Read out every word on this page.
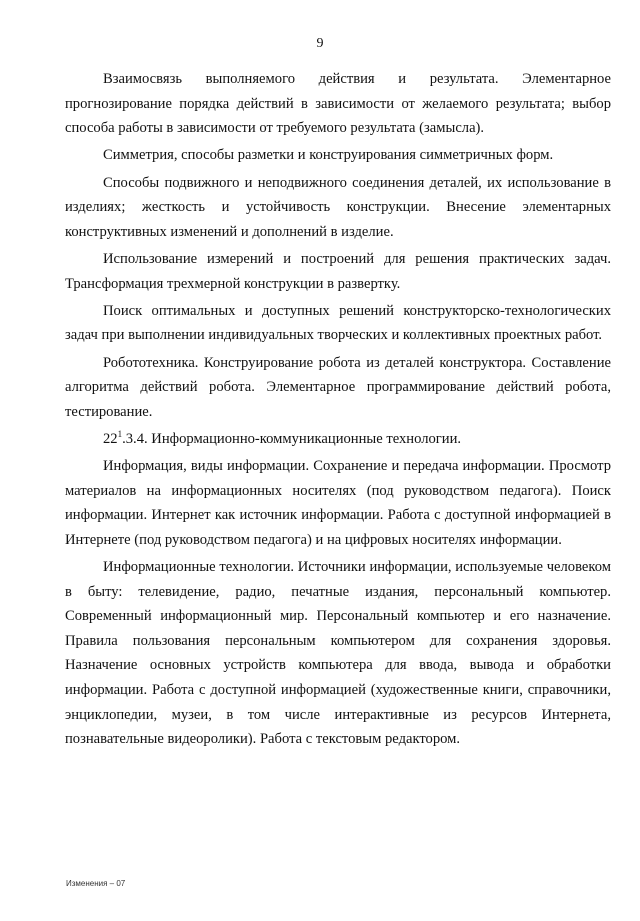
9

Взаимосвязь выполняемого действия и результата. Элементарное прогнозирование порядка действий в зависимости от желаемого результата; выбор способа работы в зависимости от требуемого результата (замысла).

Симметрия, способы разметки и конструирования симметричных форм.

Способы подвижного и неподвижного соединения деталей, их использование в изделиях; жесткость и устойчивость конструкции. Внесение элементарных конструктивных изменений и дополнений в изделие.

Использование измерений и построений для решения практических задач. Трансформация трехмерной конструкции в развертку.

Поиск оптимальных и доступных решений конструкторско-технологических задач при выполнении индивидуальных творческих и коллективных проектных работ.

Робототехника. Конструирование робота из деталей конструктора. Составление алгоритма действий робота. Элементарное программирование действий робота, тестирование.

$22^1.3.4$. Информационно-коммуникационные технологии.

Информация, виды информации. Сохранение и передача информации. Просмотр материалов на информационных носителях (под руководством педагога). Поиск информации. Интернет как источник информации. Работа с доступной информацией в Интернете (под руководством педагога) и на цифровых носителях информации.

Информационные технологии. Источники информации, используемые человеком в быту: телевидение, радио, печатные издания, персональный компьютер. Современный информационный мир. Персональный компьютер и его назначение. Правила пользования персональным компьютером для сохранения здоровья. Назначение основных устройств компьютера для ввода, вывода и обработки информации. Работа с доступной информацией (художественные книги, справочники, энциклопедии, музеи, в том числе интерактивные из ресурсов Интернета, познавательные видеоролики). Работа с текстовым редактором.

Изменения – 07
